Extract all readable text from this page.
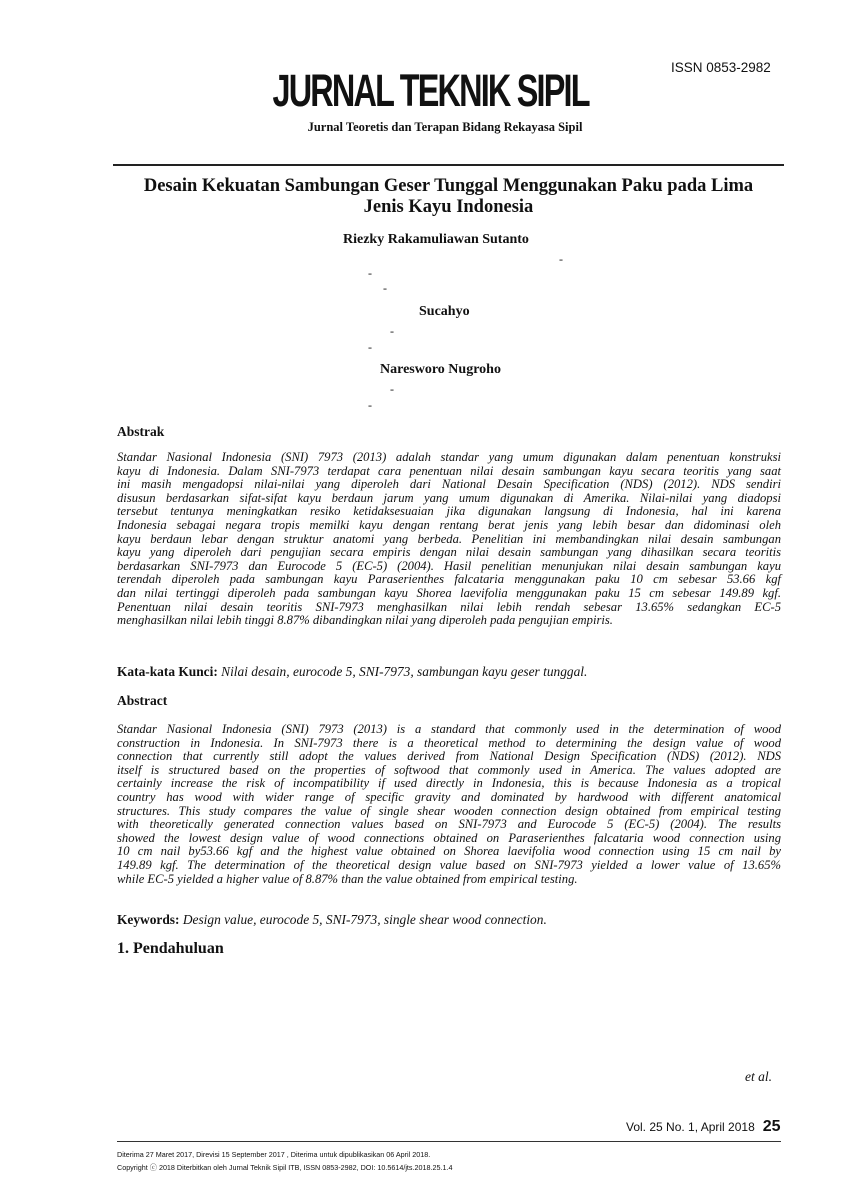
ISSN 0853-2982
JURNAL TEKNIK SIPIL
Jurnal Teoretis dan Terapan Bidang Rekayasa Sipil
Desain Kekuatan Sambungan Geser Tunggal Menggunakan Paku pada Lima
Jenis Kayu Indonesia
Riezky Rakamuliawan Sutanto
-
-
-
Sucahyo
-
-
Naresworo Nugroho
-
-
Abstrak
Standar Nasional Indonesia (SNI) 7973 (2013) adalah standar yang umum digunakan dalam penentuan konstruksi
kayu di Indonesia. Dalam SNI-7973 terdapat cara penentuan nilai desain sambungan kayu secara teoritis yang saat
ini masih mengadopsi nilai-nilai yang diperoleh dari National Desain Specification (NDS) (2012). NDS sendiri
disusun berdasarkan sifat-sifat kayu berdaun jarum yang umum digunakan di Amerika. Nilai-nilai yang diadopsi
tersebut tentunya meningkatkan resiko ketidaksesuaian jika digunakan langsung di Indonesia, hal ini karena
Indonesia sebagai negara tropis memilki kayu dengan rentang berat jenis yang lebih besar dan didominasi oleh
kayu berdaun lebar dengan struktur anatomi yang berbeda. Penelitian ini membandingkan nilai desain sambungan
kayu yang diperoleh dari pengujian secara empiris dengan nilai desain sambungan yang dihasilkan secara teoritis
berdasarkan SNI-7973 dan Eurocode 5 (EC-5) (2004). Hasil penelitian menunjukan nilai desain sambungan kayu
terendah diperoleh pada sambungan kayu Paraserienthes falcataria menggunakan paku 10 cm sebesar 53.66 kgf
dan nilai tertinggi diperoleh pada sambungan kayu Shorea laevifolia menggunakan paku 15 cm sebesar 149.89 kgf.
Penentuan nilai desain teoritis SNI-7973 menghasilkan nilai lebih rendah sebesar 13.65% sedangkan EC-5
menghasilkan nilai lebih tinggi 8.87% dibandingkan nilai yang diperoleh pada pengujian empiris.
Kata-kata Kunci: Nilai desain, eurocode 5, SNI-7973, sambungan kayu geser tunggal.
Abstract
Standar Nasional Indonesia (SNI) 7973 (2013) is a standard that commonly used in the determination of wood
construction in Indonesia. In SNI-7973 there is a theoretical method to determining the design value of wood
connection that currently still adopt the values derived from National Design Specification (NDS) (2012). NDS
itself is structured based on the properties of softwood that commonly used in America. The values adopted are
certainly increase the risk of incompatibility if used directly in Indonesia, this is because Indonesia as a tropical
country has wood with wider range of specific gravity and dominated by hardwood with different anatomical
structures. This study compares the value of single shear wooden connection design obtained from empirical testing
with theoretically generated connection values based on SNI-7973 and Eurocode 5 (EC-5) (2004). The results
showed the lowest design value of wood connections obtained on Paraserienthes falcataria wood connection using
10 cm nail by53.66 kgf and the highest value obtained on Shorea laevifolia wood connection using 15 cm nail by
149.89 kgf. The determination of the theoretical design value based on SNI-7973 yielded a lower value of 13.65%
while EC-5 yielded a higher value of 8.87% than the value obtained from empirical testing.
Keywords: Design value, eurocode 5, SNI-7973, single shear wood connection.
1. Pendahuluan
et al.
Vol. 25 No. 1, April 2018 25
Diterima 27 Maret 2017, Direvisi 15 September 2017 , Diterima untuk dipublikasikan 06 April 2018.
Copyright ⓒ 2018 Diterbitkan oleh Jurnal Teknik Sipil ITB, ISSN 0853-2982, DOI: 10.5614/jts.2018.25.1.4
